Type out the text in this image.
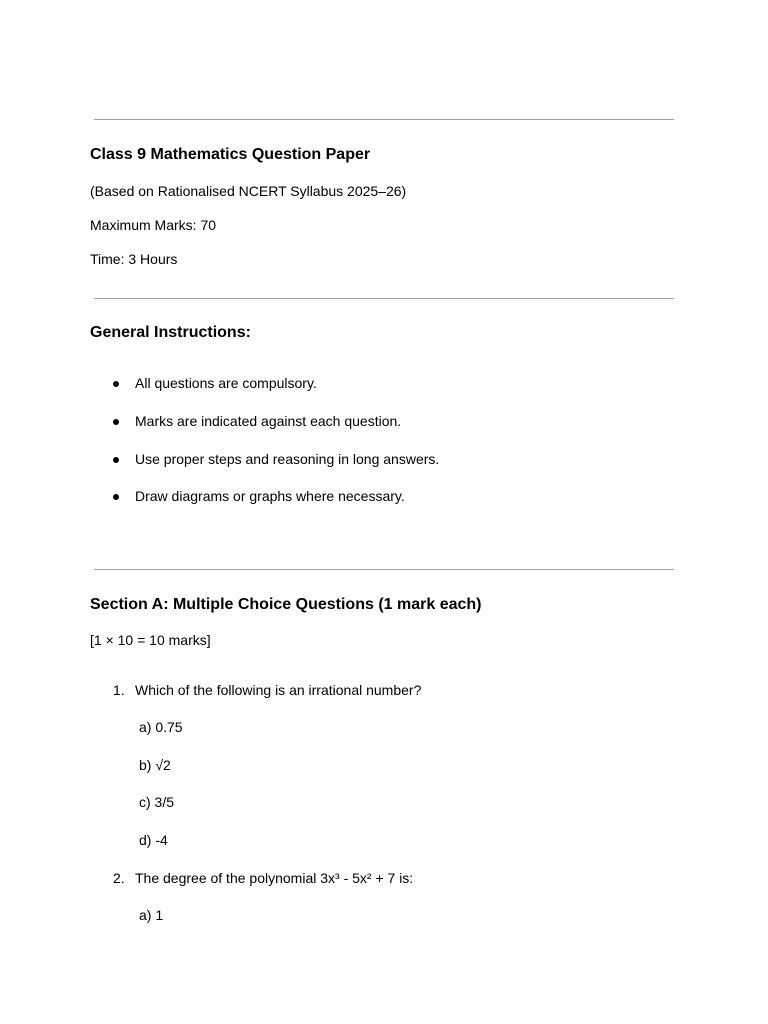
Class 9 Mathematics Question Paper
(Based on Rationalised NCERT Syllabus 2025–26)
Maximum Marks: 70
Time: 3 Hours
General Instructions:
All questions are compulsory.
Marks are indicated against each question.
Use proper steps and reasoning in long answers.
Draw diagrams or graphs where necessary.
Section A: Multiple Choice Questions (1 mark each)
[1 × 10 = 10 marks]
1. Which of the following is an irrational number?
a) 0.75
b) √2
c) 3/5
d) -4
2. The degree of the polynomial 3x³ - 5x² + 7 is:
a) 1
